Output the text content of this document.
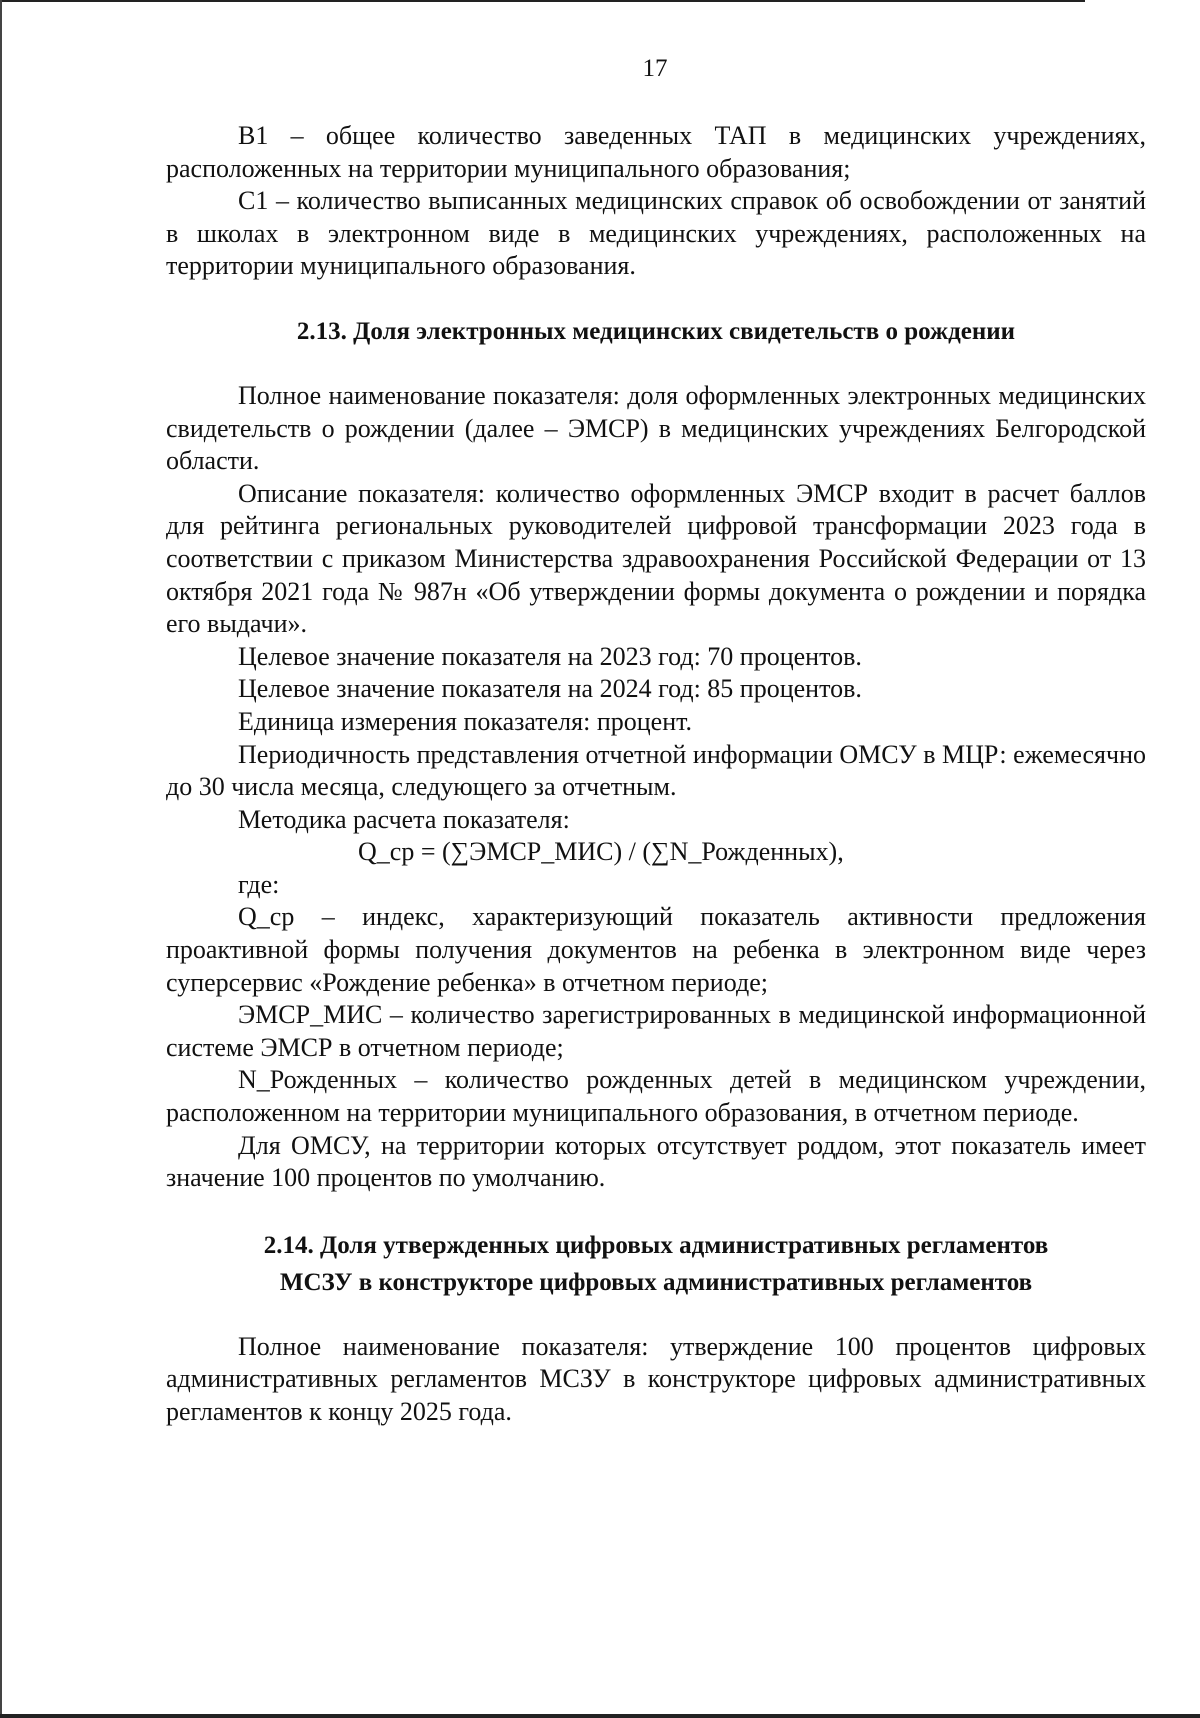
17

B1 – общее количество заведенных ТАП в медицинских учреждениях, расположенных на территории муниципального образования;

C1 – количество выписанных медицинских справок об освобождении от занятий в школах в электронном виде в медицинских учреждениях, расположенных на территории муниципального образования.

2.13. Доля электронных медицинских свидетельств о рождении

Полное наименование показателя: доля оформленных электронных медицинских свидетельств о рождении (далее – ЭМСР) в медицинских учреждениях Белгородской области.

Описание показателя: количество оформленных ЭМСР входит в расчет баллов для рейтинга региональных руководителей цифровой трансформации 2023 года в соответствии с приказом Министерства здравоохранения Российской Федерации от 13 октября 2021 года № 987н «Об утверждении формы документа о рождении и порядка его выдачи».

Целевое значение показателя на 2023 год: 70 процентов.

Целевое значение показателя на 2024 год: 85 процентов.

Единица измерения показателя: процент.

Периодичность представления отчетной информации ОМСУ в МЦР: ежемесячно до 30 числа месяца, следующего за отчетным.

Методика расчета показателя:

Q_ср = (∑ЭМСР_МИС) / (∑N_Рожденных),

где:

Q_ср – индекс, характеризующий показатель активности предложения проактивной формы получения документов на ребенка в электронном виде через суперсервис «Рождение ребенка» в отчетном периоде;

ЭМСР_МИС – количество зарегистрированных в медицинской информационной системе ЭМСР в отчетном периоде;

N_Рожденных – количество рожденных детей в медицинском учреждении, расположенном на территории муниципального образования, в отчетном периоде.

Для ОМСУ, на территории которых отсутствует роддом, этот показатель имеет значение 100 процентов по умолчанию.

2.14. Доля утвержденных цифровых административных регламентов
МСЗУ в конструкторе цифровых административных регламентов

Полное наименование показателя: утверждение 100 процентов цифровых административных регламентов МСЗУ в конструкторе цифровых административных регламентов к концу 2025 года.
